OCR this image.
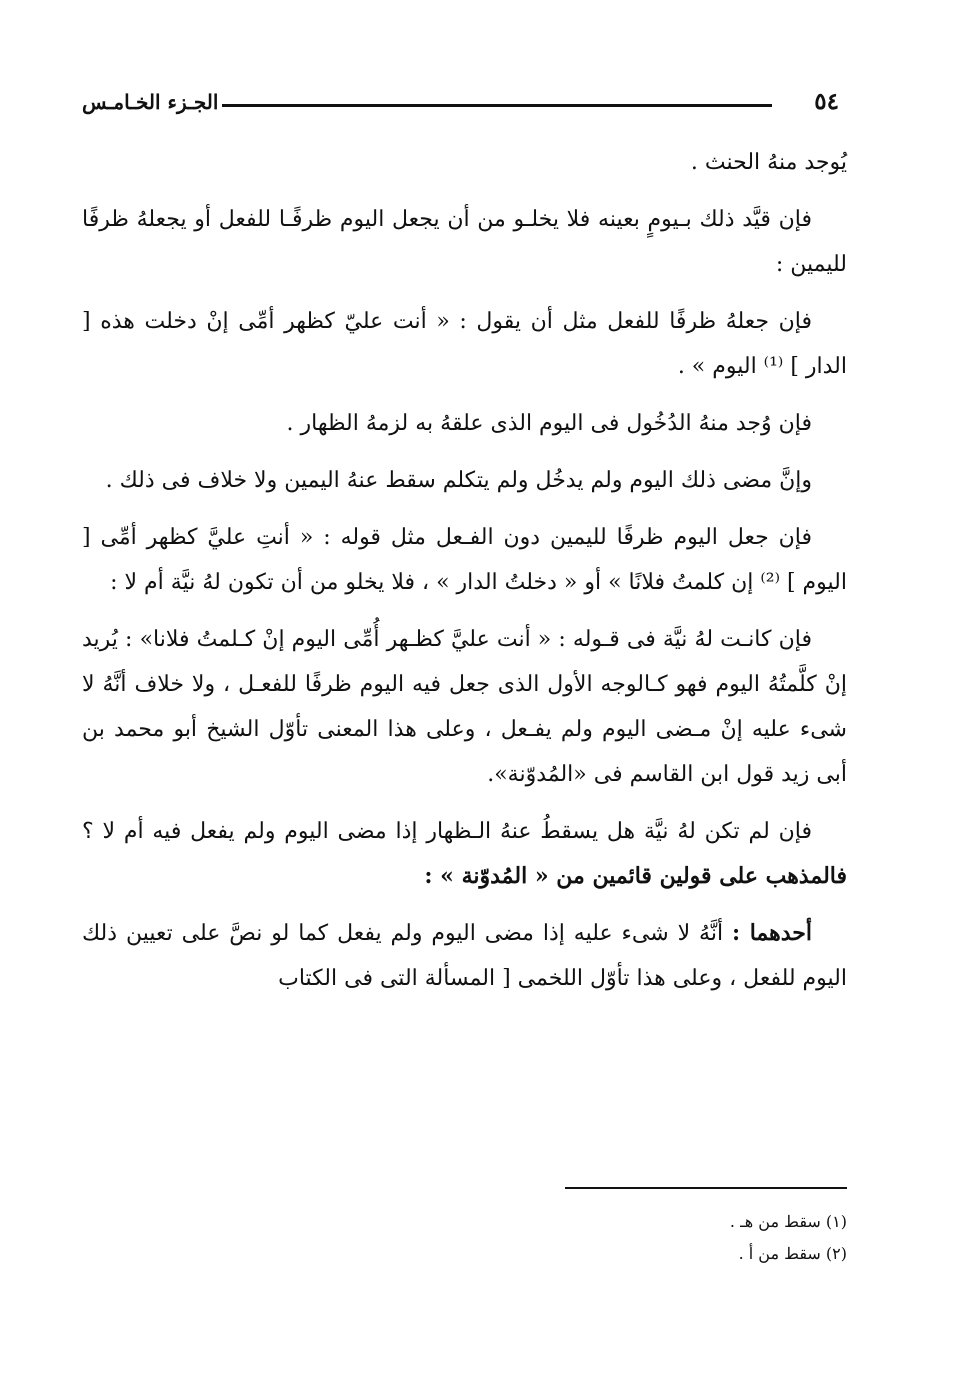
٥٤
الجـزء الخـامـس

يُوجد منهُ الحنث .

فإن قيَّد ذلك بـيومٍ بعينه فلا يخلـو من أن يجعل اليوم ظرفًـا للفعل أو يجعلهُ ظرفًا لليمين :

فإن جعلهُ ظرفًا للفعل مثل أن يقول : « أنت عليّ كظهر أمِّى إنْ دخلت هذه [ الدار ] ⁽¹⁾ اليوم » .

فإن وُجد منهُ الدُخُول فى اليوم الذى علقهُ به لزمهُ الظهار .

وإنَّ مضى ذلك اليوم ولم يدخُل ولم يتكلم سقط عنهُ اليمين ولا خلاف فى ذلك .

فإن جعل اليوم ظرفًا لليمين دون الفـعل مثل قوله : « أنتِ عليَّ كظهر أمِّى [ اليوم ] ⁽²⁾ إن كلمتُ فلانًا » أو « دخلتُ الدار » ، فلا يخلو من أن تكون لهُ نيَّة أم لا :

فإن كانـت لهُ نيَّة فى قـوله : « أنت عليَّ كظـهر أُمِّى اليوم إنْ كـلمتُ فلانا» : يُريد إنْ كلَّمتُهُ اليوم فهو كـالوجه الأول الذى جعل فيه اليوم ظرفًا للفعـل ، ولا خلاف أنَّهُ لا شىء عليه إنْ مـضى اليوم ولم يفـعل ، وعلى هذا المعنى تأوّل الشيخ أبو محمد بن أبى زيد قول ابن القاسم فى «المُدوّنة».

فإن لم تكن لهُ نيَّة هل يسقطُ عنهُ الـظهار إذا مضى اليوم ولم يفعل فيه أم لا ؟ فالمذهب على قولين قائمين من « المُدوّنة » :

أحدهما : أنَّهُ لا شىء عليه إذا مضى اليوم ولم يفعل كما لو نصَّ على تعيين ذلك اليوم للفعل ، وعلى هذا تأوّل اللخمى [ المسألة التى فى الكتاب

(١) سقط من هـ .
(٢) سقط من أ .
